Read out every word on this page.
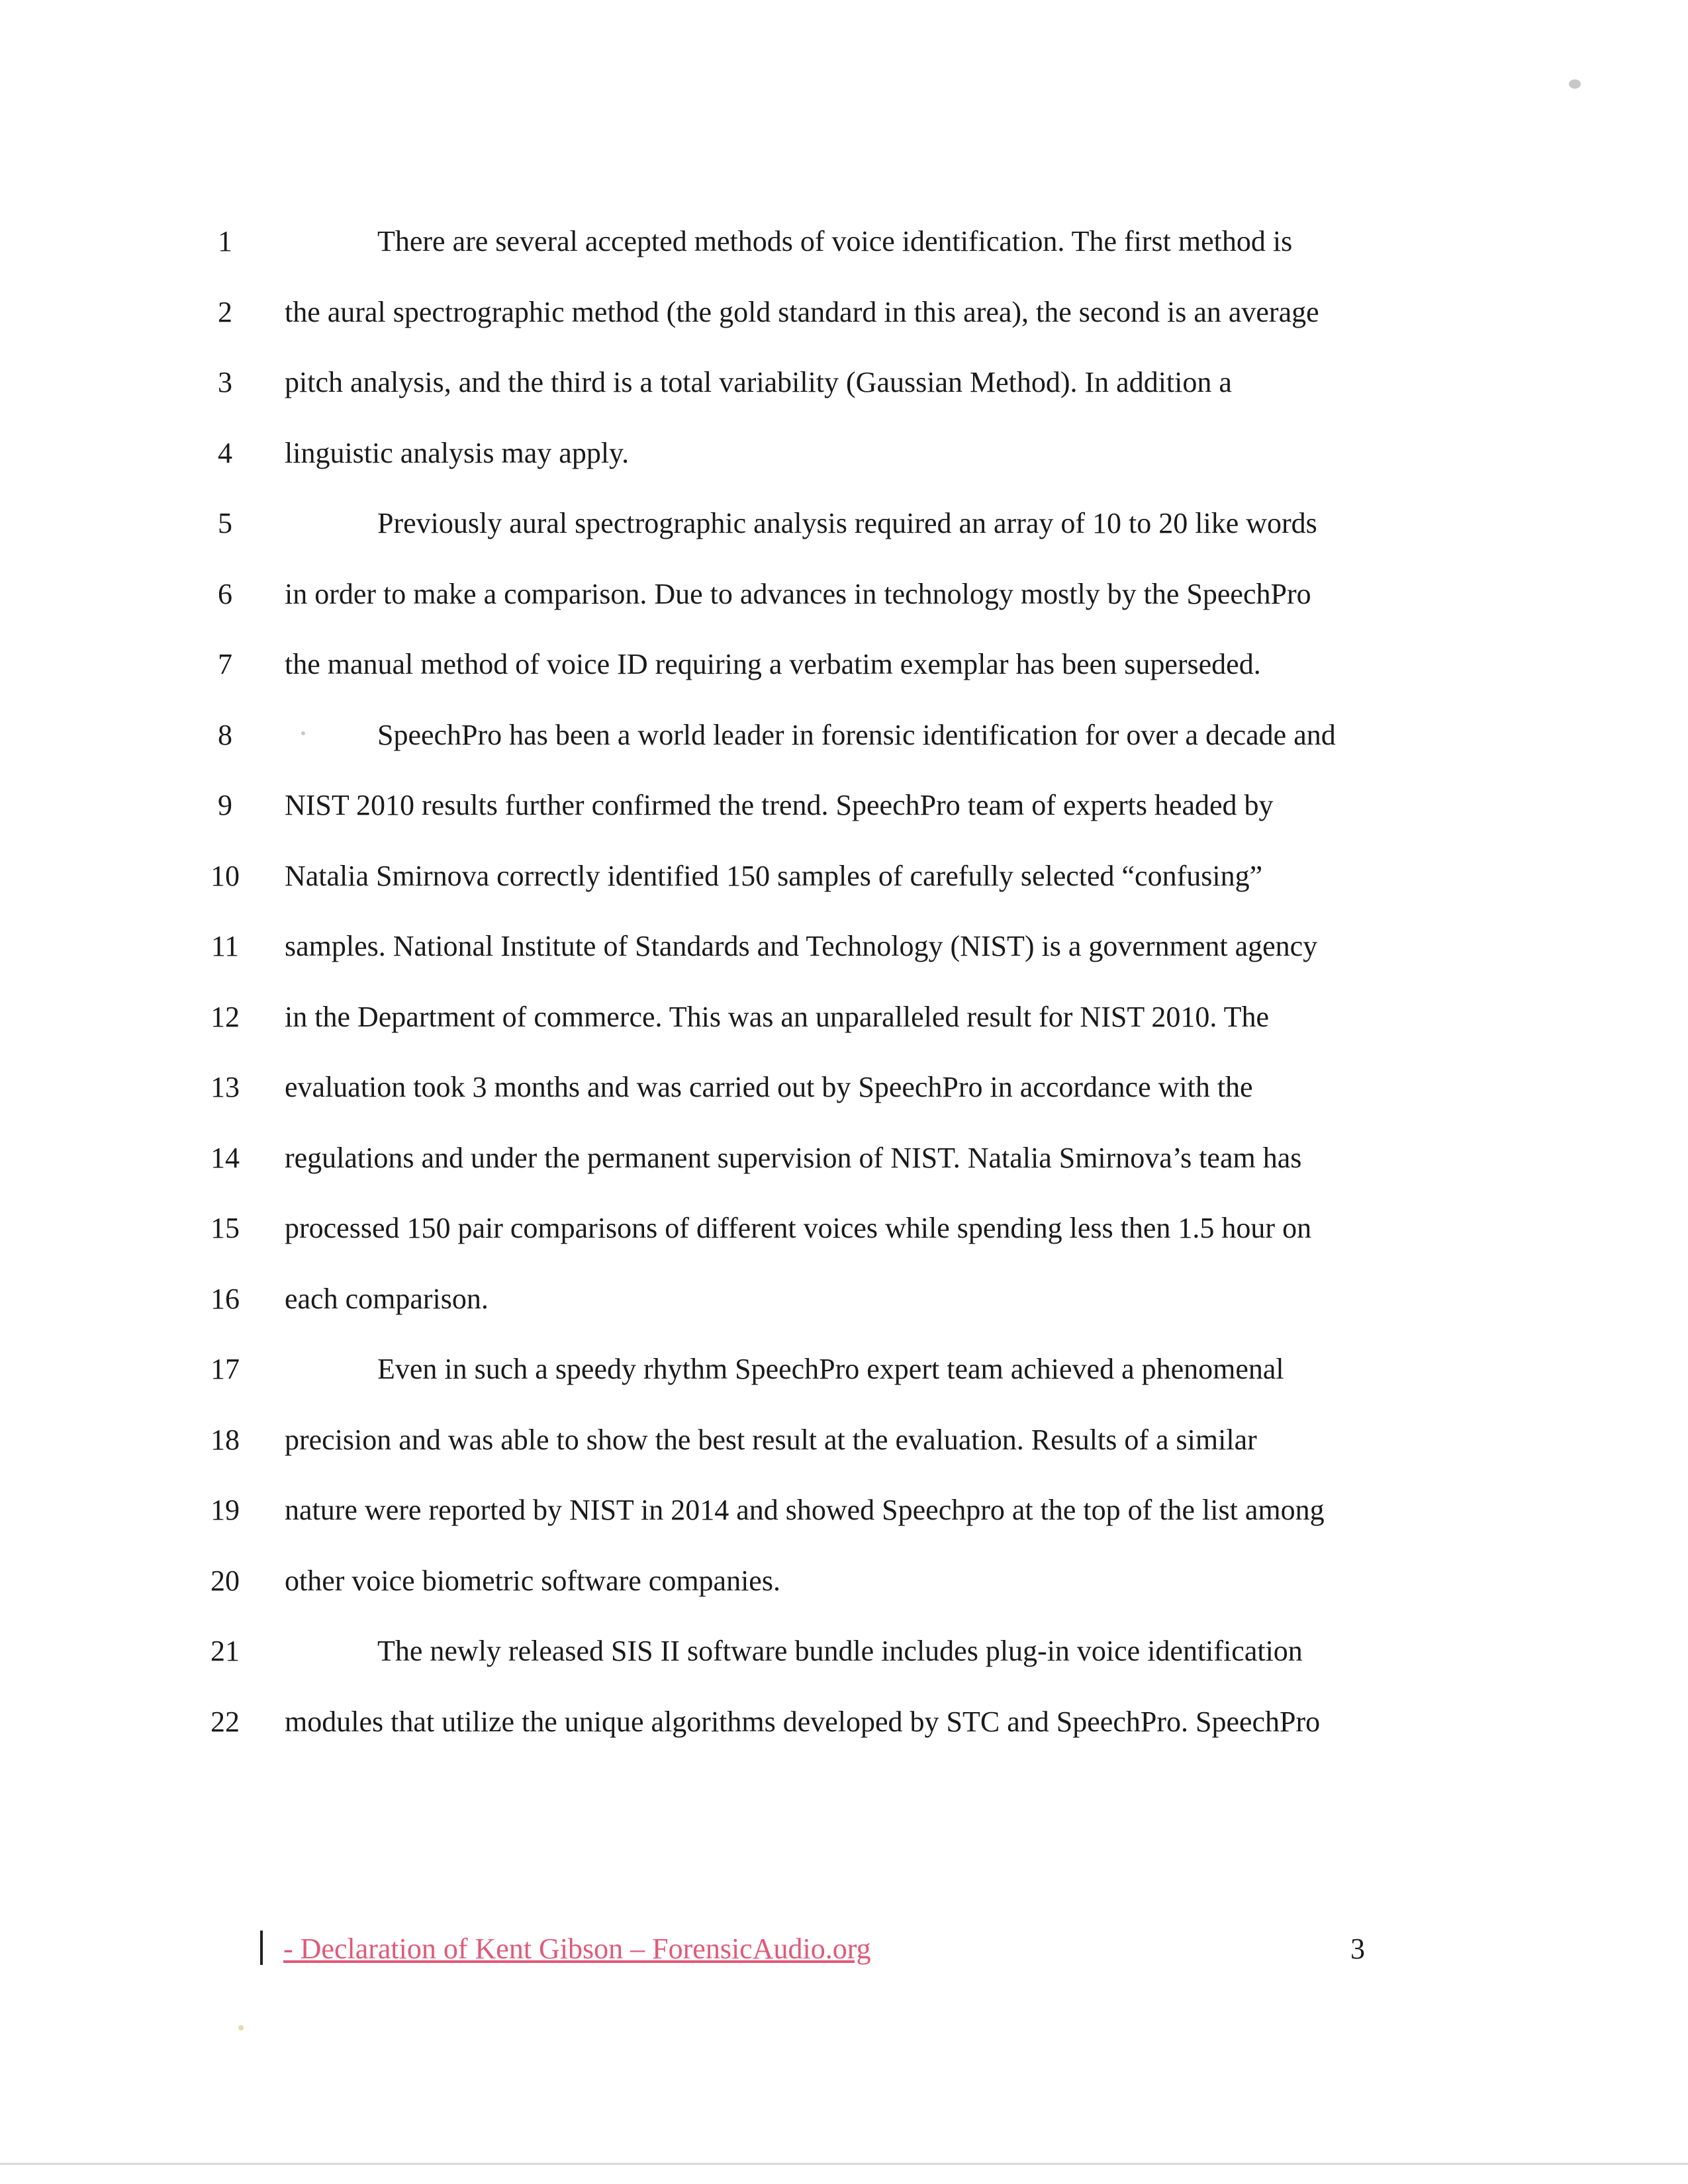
1	There are several accepted methods of voice identification. The first method is
2	the aural spectrographic method (the gold standard in this area), the second is an average
3	pitch analysis, and the third is a total variability (Gaussian Method). In addition a
4	linguistic analysis may apply.
5	Previously aural spectrographic analysis required an array of 10 to 20 like words
6	in order to make a comparison. Due to advances in technology mostly by the SpeechPro
7	the manual method of voice ID requiring a verbatim exemplar has been superseded.
8	SpeechPro has been a world leader in forensic identification for over a decade and
9	NIST 2010 results further confirmed the trend. SpeechPro team of experts headed by
10	Natalia Smirnova correctly identified 150 samples of carefully selected “confusing”
11	samples. National Institute of Standards and Technology (NIST) is a government agency
12	in the Department of commerce. This was an unparalleled result for NIST 2010. The
13	evaluation took 3 months and was carried out by SpeechPro in accordance with the
14	regulations and under the permanent supervision of NIST. Natalia Smirnova’s team has
15	processed 150 pair comparisons of different voices while spending less then 1.5 hour on
16	each comparison.
17	Even in such a speedy rhythm SpeechPro expert team achieved a phenomenal
18	precision and was able to show the best result at the evaluation. Results of a similar
19	nature were reported by NIST in 2014 and showed Speechpro at the top of the list among
20	other voice biometric software companies.
21	The newly released SIS II software bundle includes plug-in voice identification
22	modules that utilize the unique algorithms developed by STC and SpeechPro. SpeechPro
- Declaration of Kent Gibson – ForensicAudio.org	3
